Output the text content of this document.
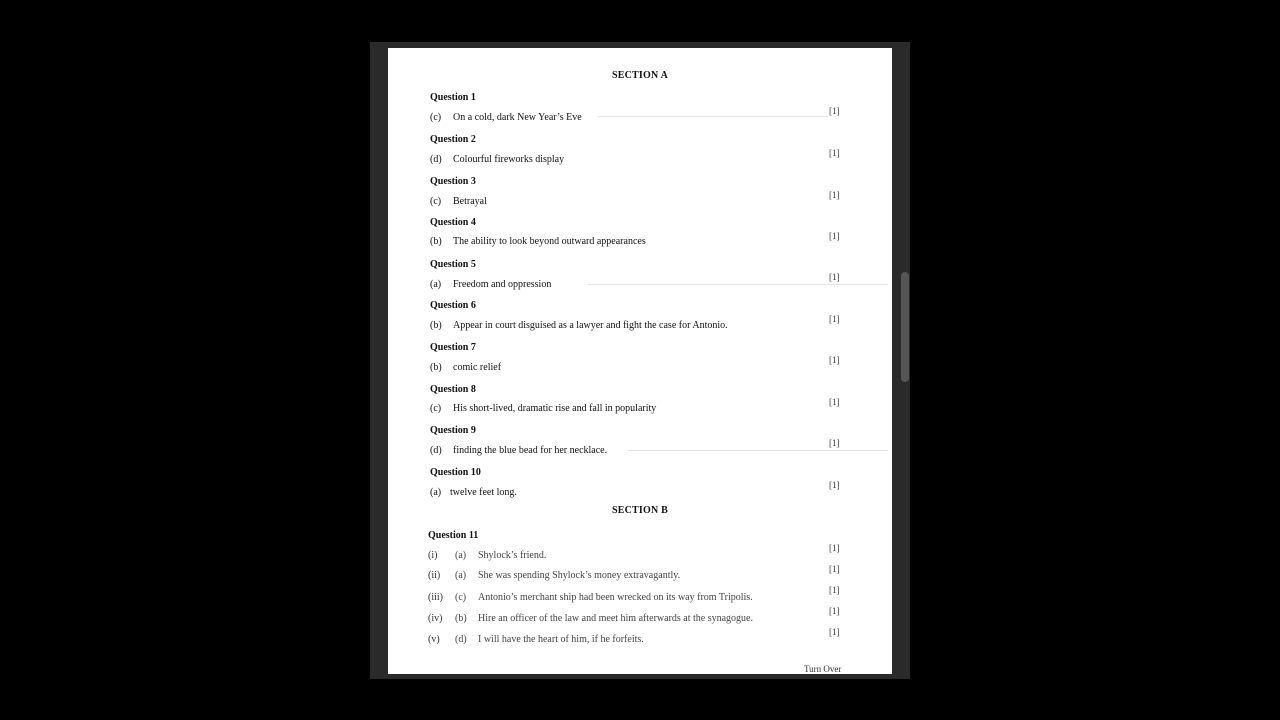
SECTION A
Question 1
(c) On a cold, dark New Year’s Eve
[1]
Question 2
(d) Colourful fireworks display
[1]
Question 3
(c) Betrayal
[1]
Question 4
(b) The ability to look beyond outward appearances	[1]
Question 5
(a) Freedom and oppression
[1]
Question 6
(b) Appear in court disguised as a lawyer and fight the case for Antonio.
[1]
Question 7
(b) comic relief
[1]
Question 8
(c) His short-lived, dramatic rise and fall in popularity
[1]
Question 9
(d) finding the blue bead for her necklace.
[1]
Question 10
(a) twelve feet long.
[1]
SECTION B
Question 11
(i) (a) Shylock’s friend.
[1]
(ii) (a) She was spending Shylock’s money extravagantly.
[1]
(iii) (c) Antonio’s merchant ship had been wrecked on its way from Tripolis.
[1]
(iv) (b) Hire an officer of the law and meet him afterwards at the synagogue.
[1]
(v) (d) I will have the heart of him, if he forfeits.
[1]
Turn Over
